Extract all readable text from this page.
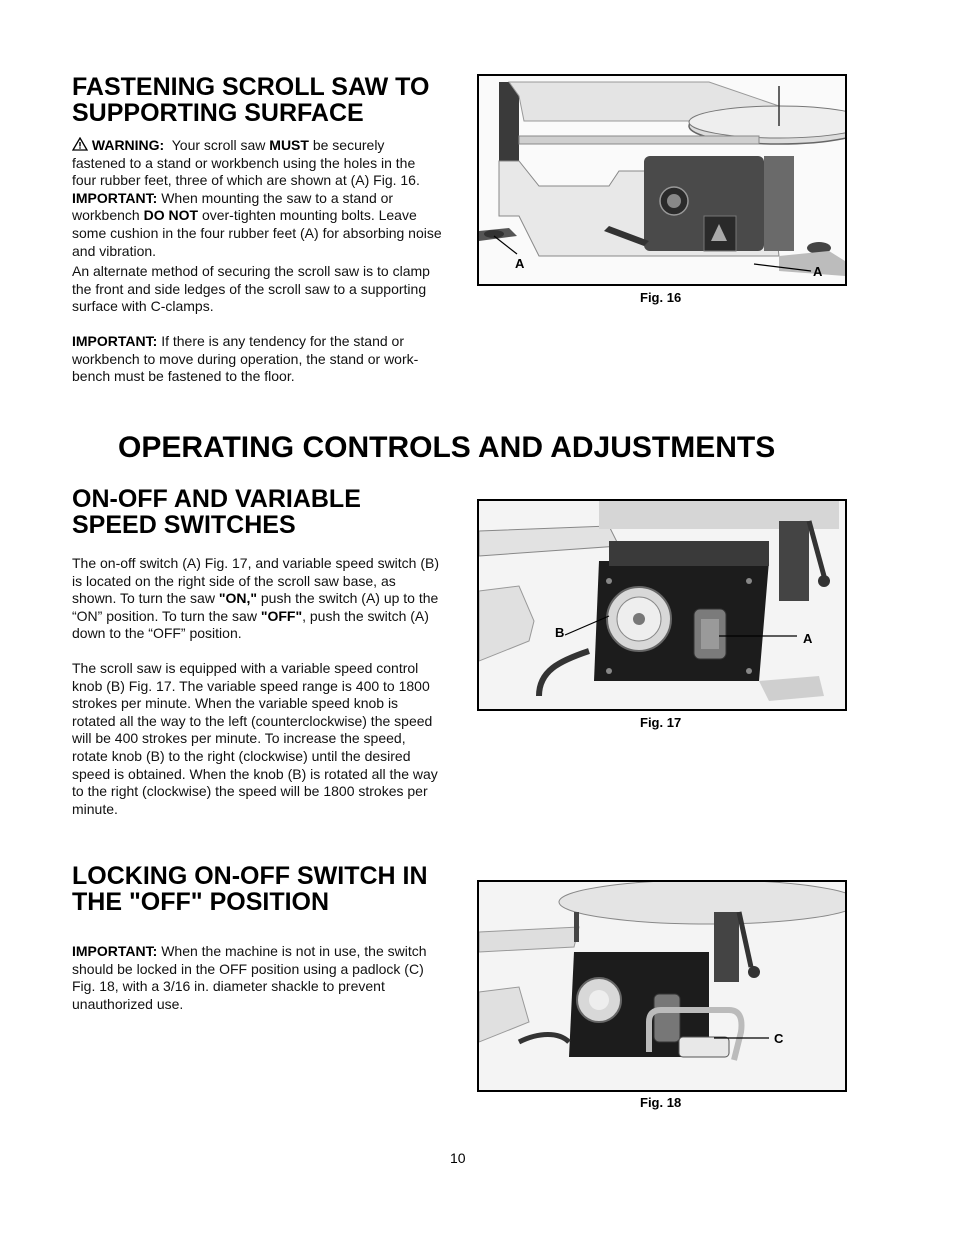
FASTENING SCROLL SAW TO SUPPORTING SURFACE

WARNING: Your scroll saw MUST be securely fastened to a stand or workbench using the holes in the four rubber feet, three of which are shown at (A) Fig. 16. IMPORTANT: When mounting the saw to a stand or workbench DO NOT over-tighten mounting bolts. Leave some cushion in the four rubber feet (A) for absorbing noise and vibration.

An alternate method of securing the scroll saw is to clamp the front and side ledges of the scroll saw to a supporting surface with C-clamps.

IMPORTANT: If there is any tendency for the stand or workbench to move during operation, the stand or work-bench must be fastened to the floor.

A
A
Fig. 16
OPERATING CONTROLS AND ADJUSTMENTS
ON-OFF AND VARIABLE SPEED SWITCHES

The on-off switch (A) Fig. 17, and variable speed switch (B) is located on the right side of the scroll saw base, as shown. To turn the saw "ON," push the switch (A) up to the “ON” position. To turn the saw "OFF", push the switch (A) down to the “OFF” position.

The scroll saw is equipped with a variable speed control knob (B) Fig. 17. The variable speed range is 400 to 1800 strokes per minute. When the variable speed knob is rotated all the way to the left (counterclockwise) the speed will be 400 strokes per minute. To increase the speed, rotate knob (B) to the right (clockwise) until the desired speed is obtained. When the knob (B) is rotated all the way to the right (clockwise) the speed will be 1800 strokes per minute.

B	A
Fig. 17
LOCKING ON-OFF SWITCH IN THE "OFF" POSITION

IMPORTANT: When the machine is not in use, the switch should be locked in the OFF position using a padlock (C) Fig. 18, with a 3/16 in. diameter shackle to prevent unauthorized use.

C
Fig. 18
10
